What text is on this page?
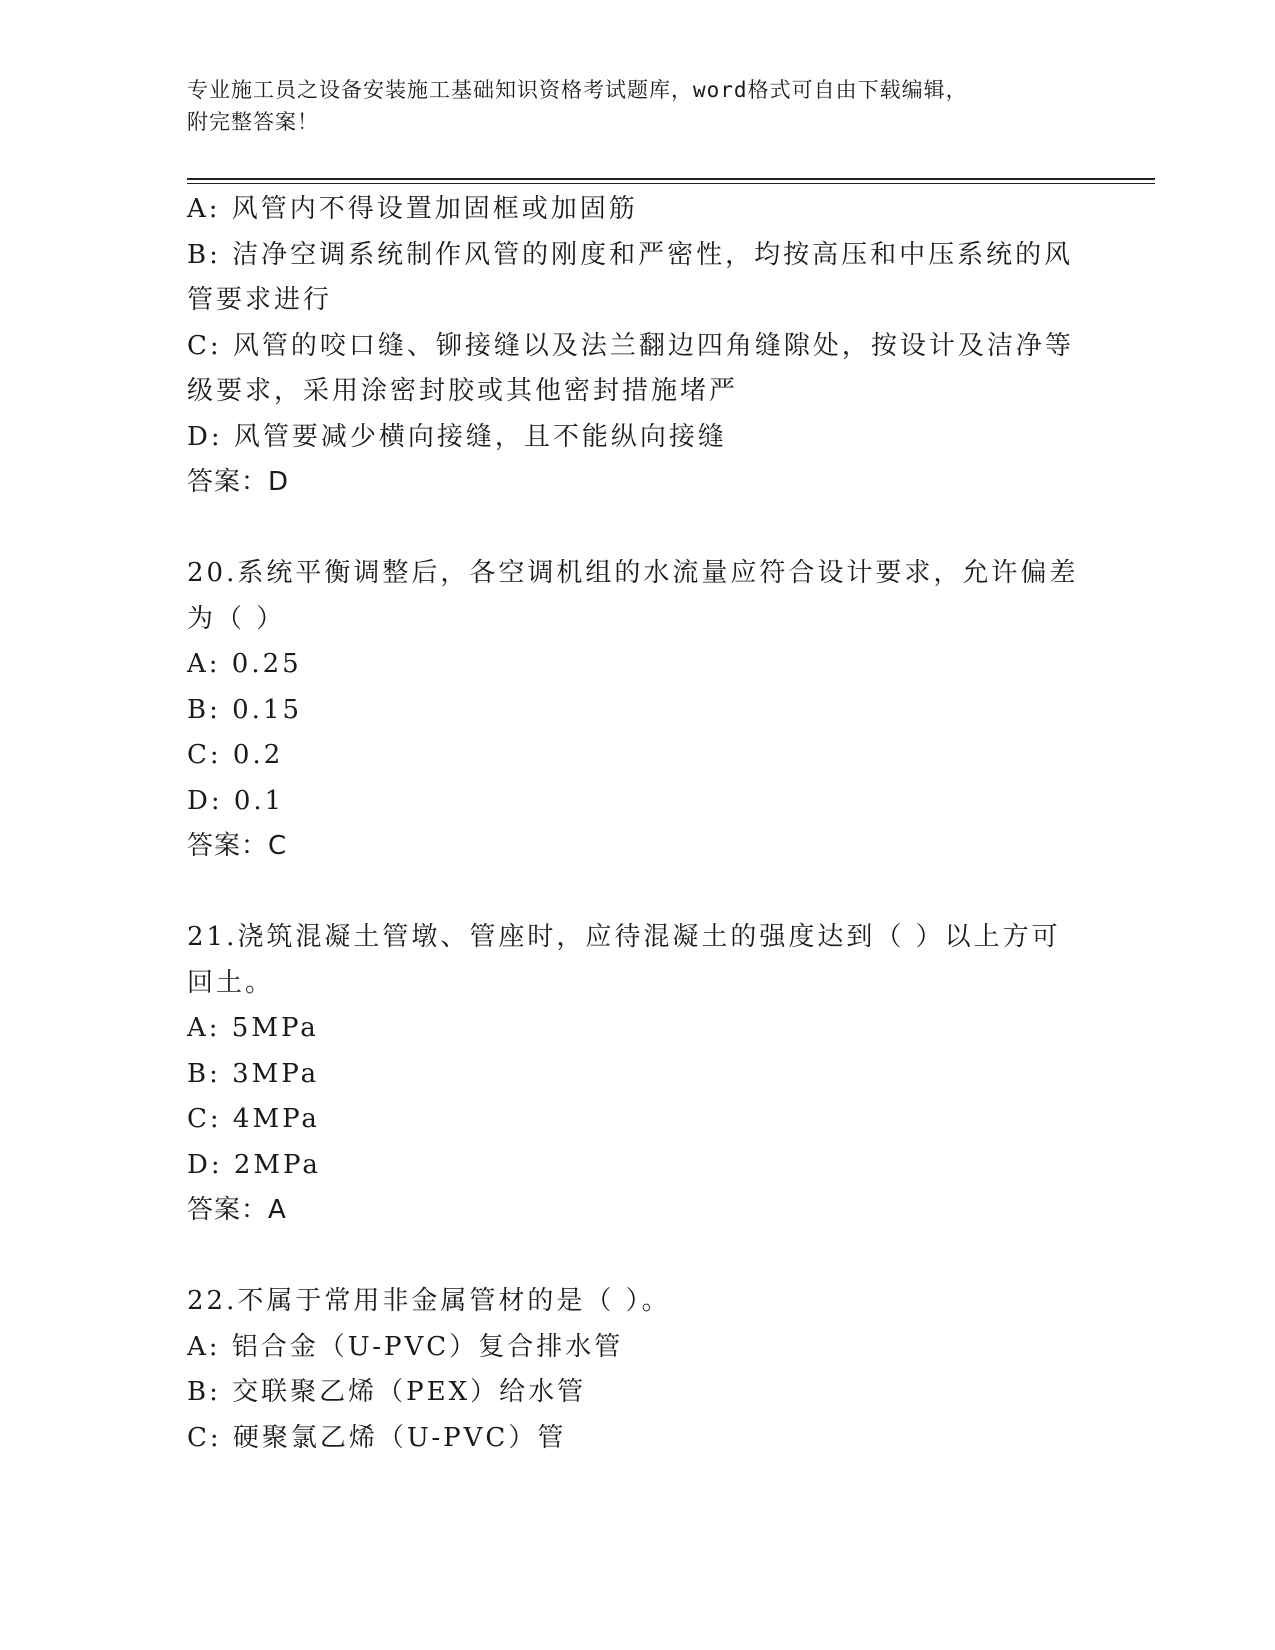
专业施工员之设备安装施工基础知识资格考试题库，word格式可自由下载编辑，
附完整答案！
A: 风管内不得设置加固框或加固筋
B: 洁净空调系统制作风管的刚度和严密性，均按高压和中压系统的风
管要求进行
C: 风管的咬口缝、铆接缝以及法兰翻边四角缝隙处，按设计及洁净等
级要求，采用涂密封胶或其他密封措施堵严
D: 风管要减少横向接缝，且不能纵向接缝
答案：D
20.系统平衡调整后，各空调机组的水流量应符合设计要求，允许偏差
为（ ）
A: 0.25
B: 0.15
C: 0.2
D: 0.1
答案：C
21.浇筑混凝土管墩、管座时，应待混凝土的强度达到（ ）以上方可
回土。
A: 5MPa
B: 3MPa
C: 4MPa
D: 2MPa
答案：A
22.不属于常用非金属管材的是（ ）。
A: 铝合金（U-PVC）复合排水管
B: 交联聚乙烯（PEX）给水管
C: 硬聚氯乙烯（U-PVC）管
